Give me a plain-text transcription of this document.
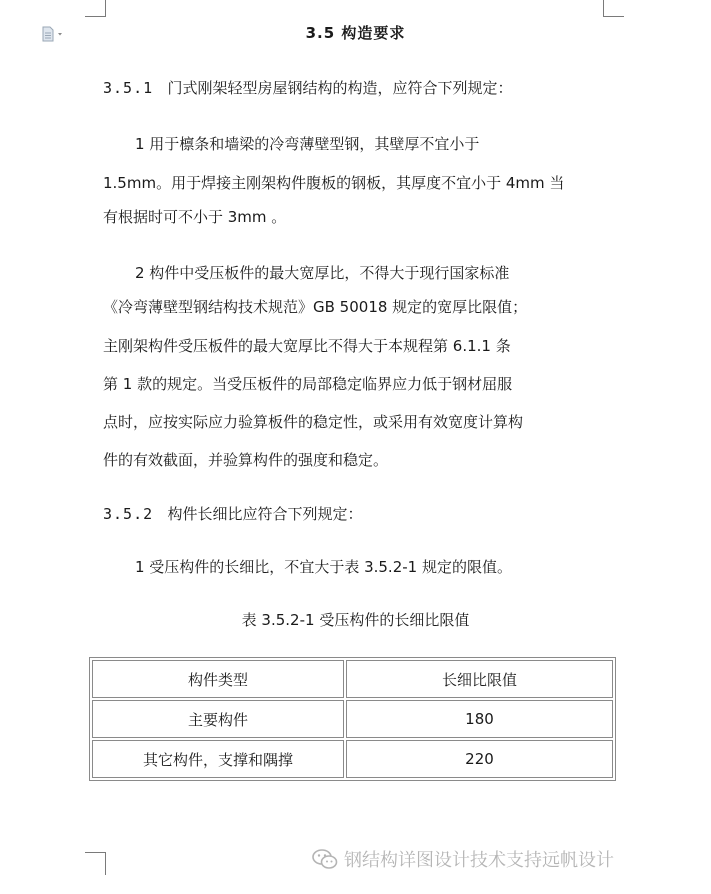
3.5 构造要求
3.5.1 门式刚架轻型房屋钢结构的构造，应符合下列规定：
1 用于檩条和墙梁的冷弯薄壁型钢，其壁厚不宜小于
1.5mm。用于焊接主刚架构件腹板的钢板，其厚度不宜小于 4mm 当
有根据时可不小于 3mm 。
2 构件中受压板件的最大宽厚比，不得大于现行国家标准
《冷弯薄壁型钢结构技术规范》GB 50018 规定的宽厚比限值；
主刚架构件受压板件的最大宽厚比不得大于本规程第 6.1.1 条
第 1 款的规定。当受压板件的局部稳定临界应力低于钢材屈服
点时，应按实际应力验算板件的稳定性，或采用有效宽度计算构
件的有效截面，并验算构件的强度和稳定。
3.5.2 构件长细比应符合下列规定：
1 受压构件的长细比，不宜大于表 3.5.2-1 规定的限值。
表 3.5.2-1 受压构件的长细比限值
构件类型	长细比限值
主要构件	180
其它构件，支撑和隅撑	220
钢结构详图设计技术支持远帆设计
